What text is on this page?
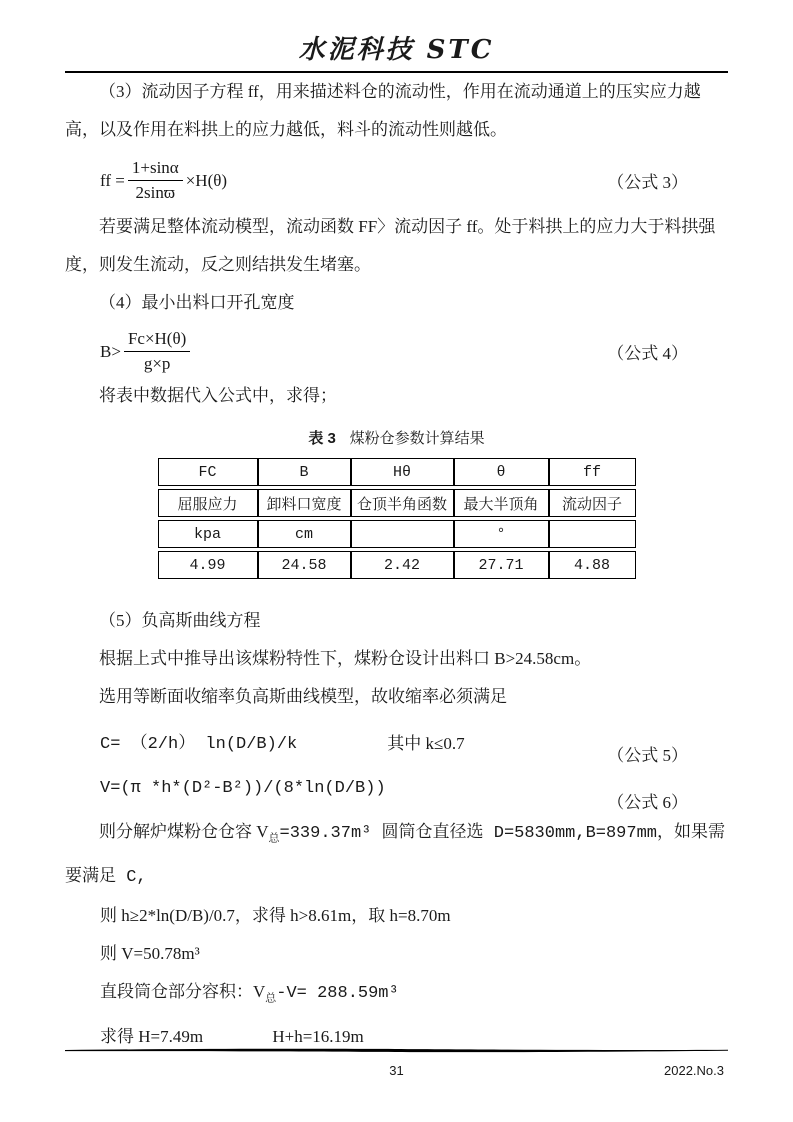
水泥科技 STC

（3）流动因子方程 ff，用来描述料仓的流动性，作用在流动通道上的压实应力越高，以及作用在料拱上的应力越低，料斗的流动性则越低。

ff = $\frac{1+\sin\alpha}{2\sin ϖ} \times H(\theta)$	（公式 3）

若要满足整体流动模型，流动函数 FF〉流动因子 ff。处于料拱上的应力大于料拱强度，则发生流动，反之则结拱发生堵塞。

（4）最小出料口开孔宽度

$B> \frac{Fc\times H(\theta)}{g\times p}$	（公式 4）

将表中数据代入公式中，求得；

表 3 煤粉仓参数计算结果
FC	B	Hθ	θ	ff
屈服应力	卸料口宽度	仓顶半角函数	最大半顶角	流动因子
kpa	cm		°	
4.99	24.58	2.42	27.71	4.88

（5）负高斯曲线方程

根据上式中推导出该煤粉特性下，煤粉仓设计出料口 B>24.58cm。

选用等断面收缩率负高斯曲线模型，故收缩率必须满足

C= （2/h） ln(D/B)/k	其中 k≤0.7
（公式 5）
V=(π *h*(D²-B²))/(8*ln(D/B))
（公式 6）

则分解炉煤粉仓仓容 $V_总=339.37m^3$ 圆筒仓直径选 D=5830mm,B=897mm，如果需要满足 C,

则 h≥2*ln(D/B)/0.7，求得 h>8.61m，取 h=8.70m

则 V=50.78m³

直段筒仓部分容积：$V_总-V= 288.59m^3$

求得 H=7.49m	H+h=16.19m

31	2022.No.3
